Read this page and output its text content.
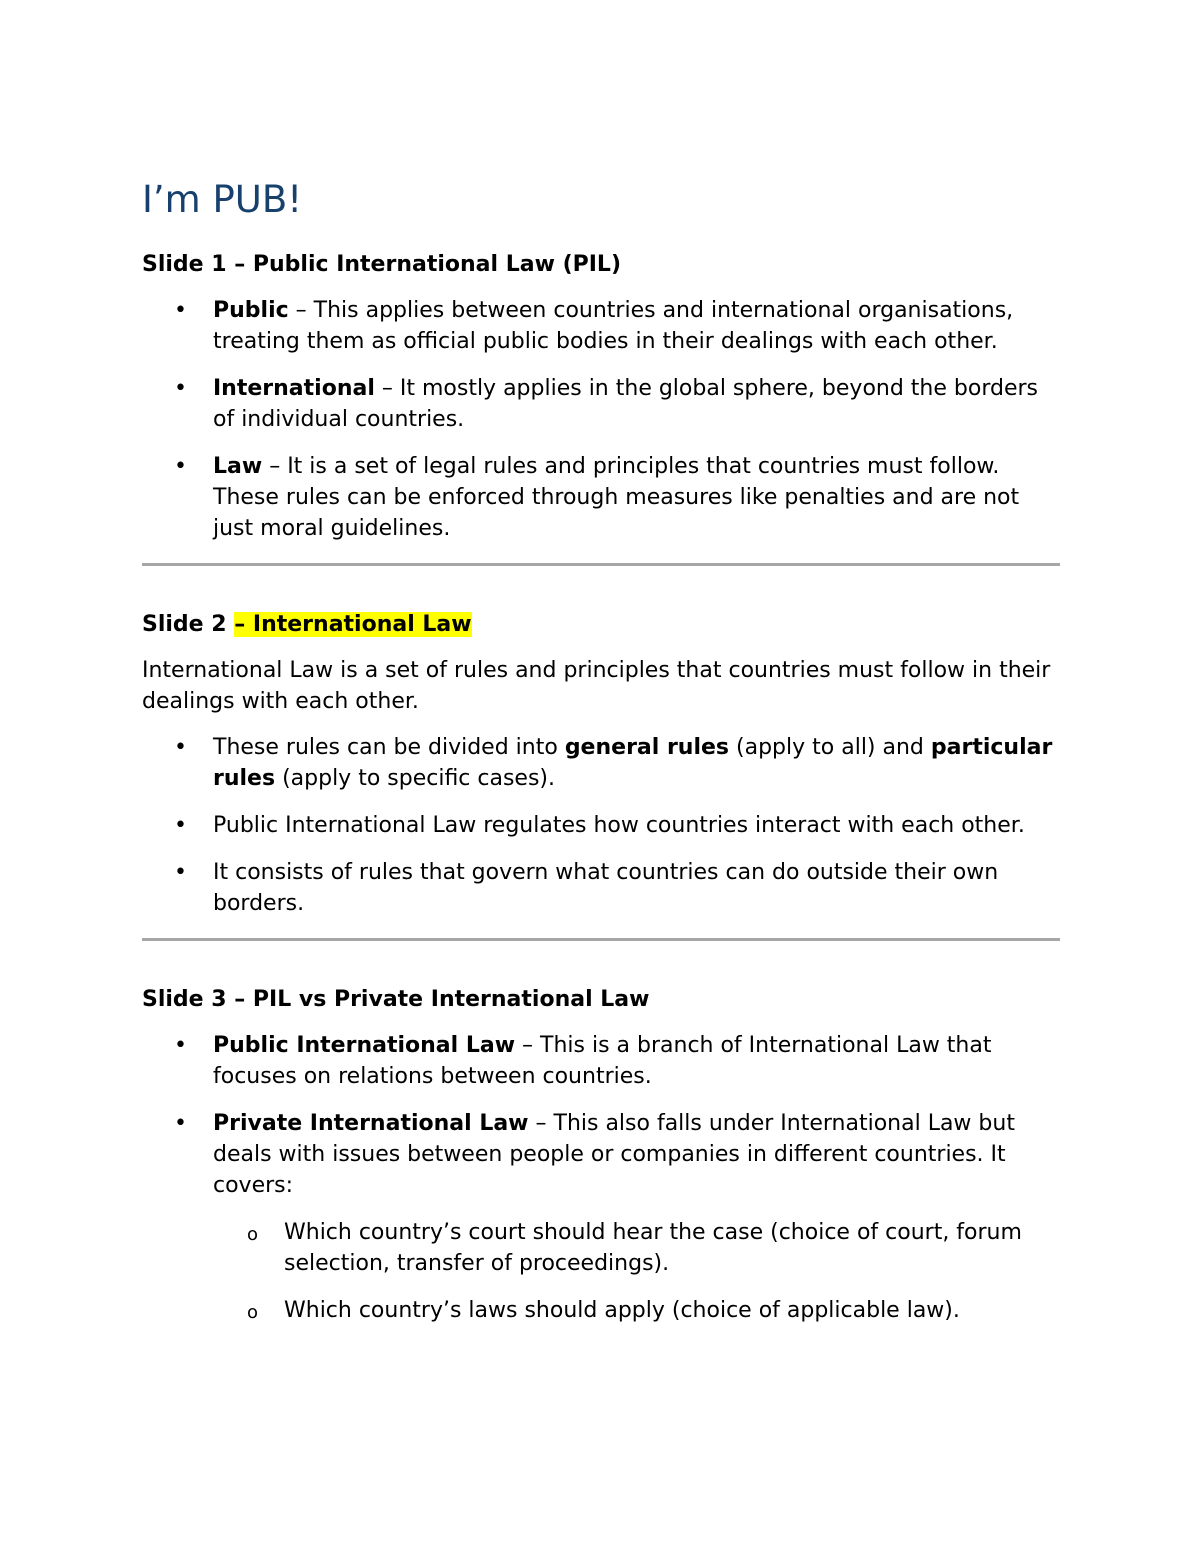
I’m PUB!
Slide 1 – Public International Law (PIL)
• Public – This applies between countries and international organisations, treating them as official public bodies in their dealings with each other.
• International – It mostly applies in the global sphere, beyond the borders of individual countries.
• Law – It is a set of legal rules and principles that countries must follow. These rules can be enforced through measures like penalties and are not just moral guidelines.
Slide 2 – International Law

International Law is a set of rules and principles that countries must follow in their dealings with each other.

• These rules can be divided into general rules (apply to all) and particular rules (apply to specific cases).
• Public International Law regulates how countries interact with each other.
• It consists of rules that govern what countries can do outside their own borders.
Slide 3 – PIL vs Private International Law
• Public International Law – This is a branch of International Law that focuses on relations between countries.
• Private International Law – This also falls under International Law but deals with issues between people or companies in different countries. It covers:
o Which country’s court should hear the case (choice of court, forum selection, transfer of proceedings).
o Which country’s laws should apply (choice of applicable law).
